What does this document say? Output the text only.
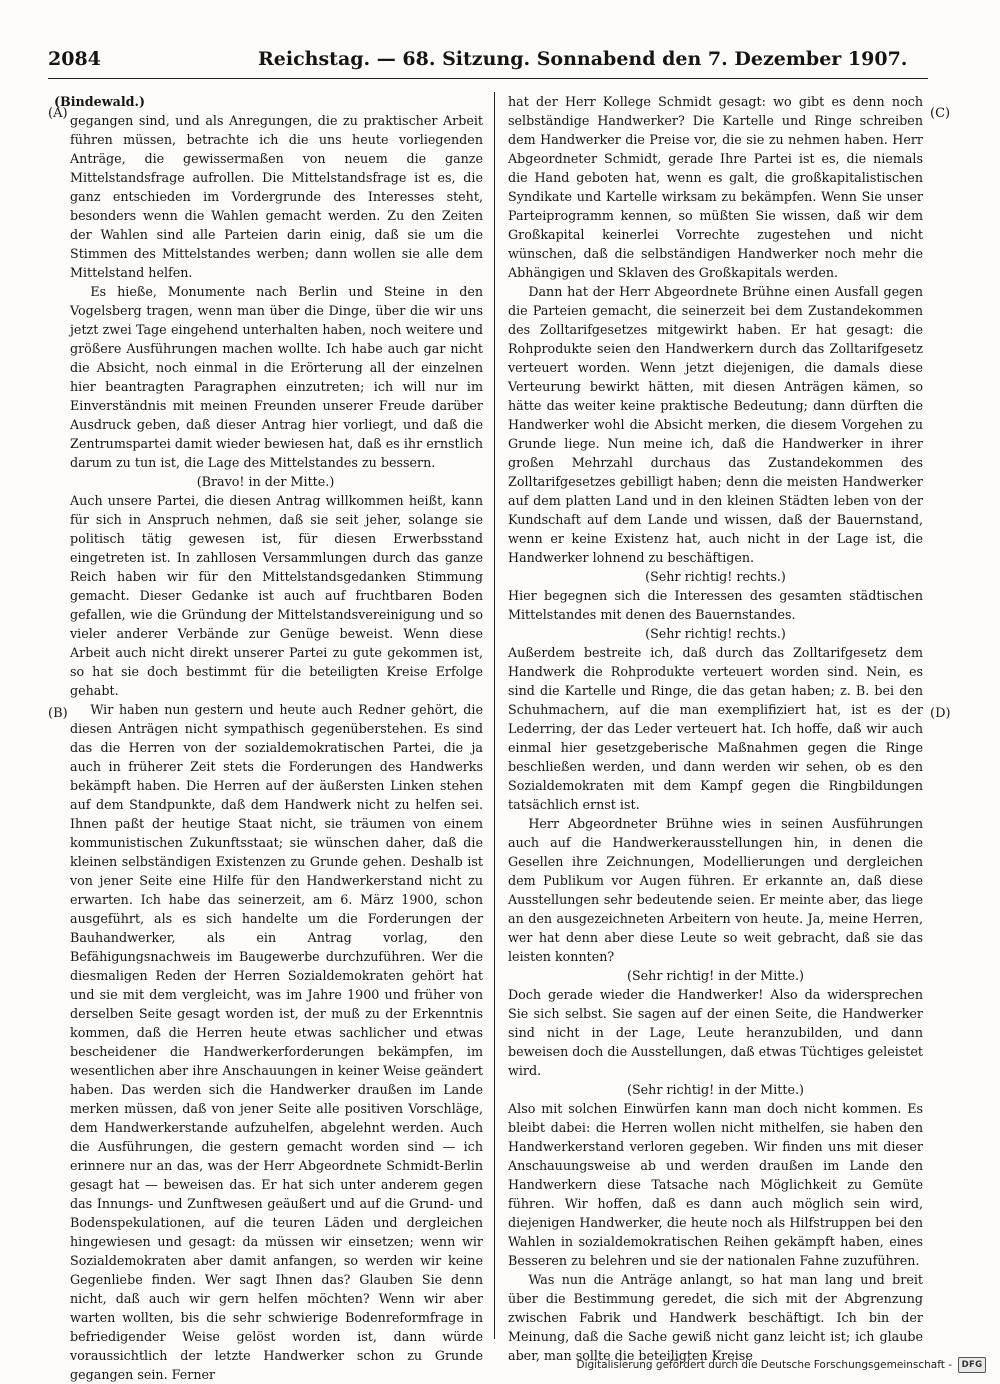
2084	Reichstag. — 68. Sitzung. Sonnabend den 7. Dezember 1907.
(A)
(B)
(C)
(D)

(Bindewald.)

gegangen sind, und als Anregungen, die zu praktischer Arbeit führen müssen, betrachte ich die uns heute vorliegenden Anträge, die gewissermaßen von neuem die ganze Mittelstandsfrage aufrollen. Die Mittelstandsfrage ist es, die ganz entschieden im Vordergrunde des Interesses steht, besonders wenn die Wahlen gemacht werden. Zu den Zeiten der Wahlen sind alle Parteien darin einig, daß sie um die Stimmen des Mittelstandes werben; dann wollen sie alle dem Mittelstand helfen.

Es hieße, Monumente nach Berlin und Steine in den Vogelsberg tragen, wenn man über die Dinge, über die wir uns jetzt zwei Tage eingehend unterhalten haben, noch weitere und größere Ausführungen machen wollte. Ich habe auch gar nicht die Absicht, noch einmal in die Erörterung all der einzelnen hier beantragten Paragraphen einzutreten; ich will nur im Einverständnis mit meinen Freunden unserer Freude darüber Ausdruck geben, daß dieser Antrag hier vorliegt, und daß die Zentrumspartei damit wieder bewiesen hat, daß es ihr ernstlich darum zu tun ist, die Lage des Mittelstandes zu bessern.

(Bravo! in der Mitte.)

Auch unsere Partei, die diesen Antrag willkommen heißt, kann für sich in Anspruch nehmen, daß sie seit jeher, solange sie politisch tätig gewesen ist, für diesen Erwerbsstand eingetreten ist. In zahllosen Versammlungen durch das ganze Reich haben wir für den Mittelstandsgedanken Stimmung gemacht. Dieser Gedanke ist auch auf fruchtbaren Boden gefallen, wie die Gründung der Mittelstandsvereinigung und so vieler anderer Verbände zur Genüge beweist. Wenn diese Arbeit auch nicht direkt unserer Partei zu gute gekommen ist, so hat sie doch bestimmt für die beteiligten Kreise Erfolge gehabt.

Wir haben nun gestern und heute auch Redner gehört, die diesen Anträgen nicht sympathisch gegenüberstehen. Es sind das die Herren von der sozialdemokratischen Partei, die ja auch in früherer Zeit stets die Forderungen des Handwerks bekämpft haben. Die Herren auf der äußersten Linken stehen auf dem Standpunkte, daß dem Handwerk nicht zu helfen sei. Ihnen paßt der heutige Staat nicht, sie träumen von einem kommunistischen Zukunftsstaat; sie wünschen daher, daß die kleinen selbständigen Existenzen zu Grunde gehen. Deshalb ist von jener Seite eine Hilfe für den Handwerkerstand nicht zu erwarten. Ich habe das seinerzeit, am 6. März 1900, schon ausgeführt, als es sich handelte um die Forderungen der Bauhandwerker, als ein Antrag vorlag, den Befähigungsnachweis im Baugewerbe durchzuführen. Wer die diesmaligen Reden der Herren Sozialdemokraten gehört hat und sie mit dem vergleicht, was im Jahre 1900 und früher von derselben Seite gesagt worden ist, der muß zu der Erkenntnis kommen, daß die Herren heute etwas sachlicher und etwas bescheidener die Handwerkerforderungen bekämpfen, im wesentlichen aber ihre Anschauungen in keiner Weise geändert haben. Das werden sich die Handwerker draußen im Lande merken müssen, daß von jener Seite alle positiven Vorschläge, dem Handwerkerstande aufzuhelfen, abgelehnt werden. Auch die Ausführungen, die gestern gemacht worden sind — ich erinnere nur an das, was der Herr Abgeordnete Schmidt-Berlin gesagt hat — beweisen das. Er hat sich unter anderem gegen das Innungs- und Zunftwesen geäußert und auf die Grund- und Bodenspekulationen, auf die teuren Läden und dergleichen hingewiesen und gesagt: da müssen wir einsetzen; wenn wir Sozialdemokraten aber damit anfangen, so werden wir keine Gegenliebe finden. Wer sagt Ihnen das? Glauben Sie denn nicht, daß auch wir gern helfen möchten? Wenn wir aber warten wollten, bis die sehr schwierige Bodenreformfrage in befriedigender Weise gelöst worden ist, dann würde voraussichtlich der letzte Handwerker schon zu Grunde gegangen sein. Ferner

hat der Herr Kollege Schmidt gesagt: wo gibt es denn noch selbständige Handwerker? Die Kartelle und Ringe schreiben dem Handwerker die Preise vor, die sie zu nehmen haben. Herr Abgeordneter Schmidt, gerade Ihre Partei ist es, die niemals die Hand geboten hat, wenn es galt, die großkapitalistischen Syndikate und Kartelle wirksam zu bekämpfen. Wenn Sie unser Parteiprogramm kennen, so müßten Sie wissen, daß wir dem Großkapital keinerlei Vorrechte zugestehen und nicht wünschen, daß die selbständigen Handwerker noch mehr die Abhängigen und Sklaven des Großkapitals werden.

Dann hat der Herr Abgeordnete Brühne einen Ausfall gegen die Parteien gemacht, die seinerzeit bei dem Zustandekommen des Zolltarifgesetzes mitgewirkt haben. Er hat gesagt: die Rohprodukte seien den Handwerkern durch das Zolltarifgesetz verteuert worden. Wenn jetzt diejenigen, die damals diese Verteurung bewirkt hätten, mit diesen Anträgen kämen, so hätte das weiter keine praktische Bedeutung; dann dürften die Handwerker wohl die Absicht merken, die diesem Vorgehen zu Grunde liege. Nun meine ich, daß die Handwerker in ihrer großen Mehrzahl durchaus das Zustandekommen des Zolltarifgesetzes gebilligt haben; denn die meisten Handwerker auf dem platten Land und in den kleinen Städten leben von der Kundschaft auf dem Lande und wissen, daß der Bauernstand, wenn er keine Existenz hat, auch nicht in der Lage ist, die Handwerker lohnend zu beschäftigen.

(Sehr richtig! rechts.)

Hier begegnen sich die Interessen des gesamten städtischen Mittelstandes mit denen des Bauernstandes.

(Sehr richtig! rechts.)

Außerdem bestreite ich, daß durch das Zolltarifgesetz dem Handwerk die Rohprodukte verteuert worden sind. Nein, es sind die Kartelle und Ringe, die das getan haben; z. B. bei den Schuhmachern, auf die man exemplifiziert hat, ist es der Lederring, der das Leder verteuert hat. Ich hoffe, daß wir auch einmal hier gesetzgeberische Maßnahmen gegen die Ringe beschließen werden, und dann werden wir sehen, ob es den Sozialdemokraten mit dem Kampf gegen die Ringbildungen tatsächlich ernst ist.

Herr Abgeordneter Brühne wies in seinen Ausführungen auch auf die Handwerkerausstellungen hin, in denen die Gesellen ihre Zeichnungen, Modellierungen und dergleichen dem Publikum vor Augen führen. Er erkannte an, daß diese Ausstellungen sehr bedeutende seien. Er meinte aber, das liege an den ausgezeichneten Arbeitern von heute. Ja, meine Herren, wer hat denn aber diese Leute so weit gebracht, daß sie das leisten konnten?

(Sehr richtig! in der Mitte.)

Doch gerade wieder die Handwerker! Also da widersprechen Sie sich selbst. Sie sagen auf der einen Seite, die Handwerker sind nicht in der Lage, Leute heranzubilden, und dann beweisen doch die Ausstellungen, daß etwas Tüchtiges geleistet wird.

(Sehr richtig! in der Mitte.)

Also mit solchen Einwürfen kann man doch nicht kommen. Es bleibt dabei: die Herren wollen nicht mithelfen, sie haben den Handwerkerstand verloren gegeben. Wir finden uns mit dieser Anschauungsweise ab und werden draußen im Lande den Handwerkern diese Tatsache nach Möglichkeit zu Gemüte führen. Wir hoffen, daß es dann auch möglich sein wird, diejenigen Handwerker, die heute noch als Hilfstruppen bei den Wahlen in sozialdemokratischen Reihen gekämpft haben, eines Besseren zu belehren und sie der nationalen Fahne zuzuführen.

Was nun die Anträge anlangt, so hat man lang und breit über die Bestimmung geredet, die sich mit der Abgrenzung zwischen Fabrik und Handwerk beschäftigt. Ich bin der Meinung, daß die Sache gewiß nicht ganz leicht ist; ich glaube aber, man sollte die beteiligten Kreise

Digitalisierung gefördert durch die Deutsche Forschungsgemeinschaft -	DFG
